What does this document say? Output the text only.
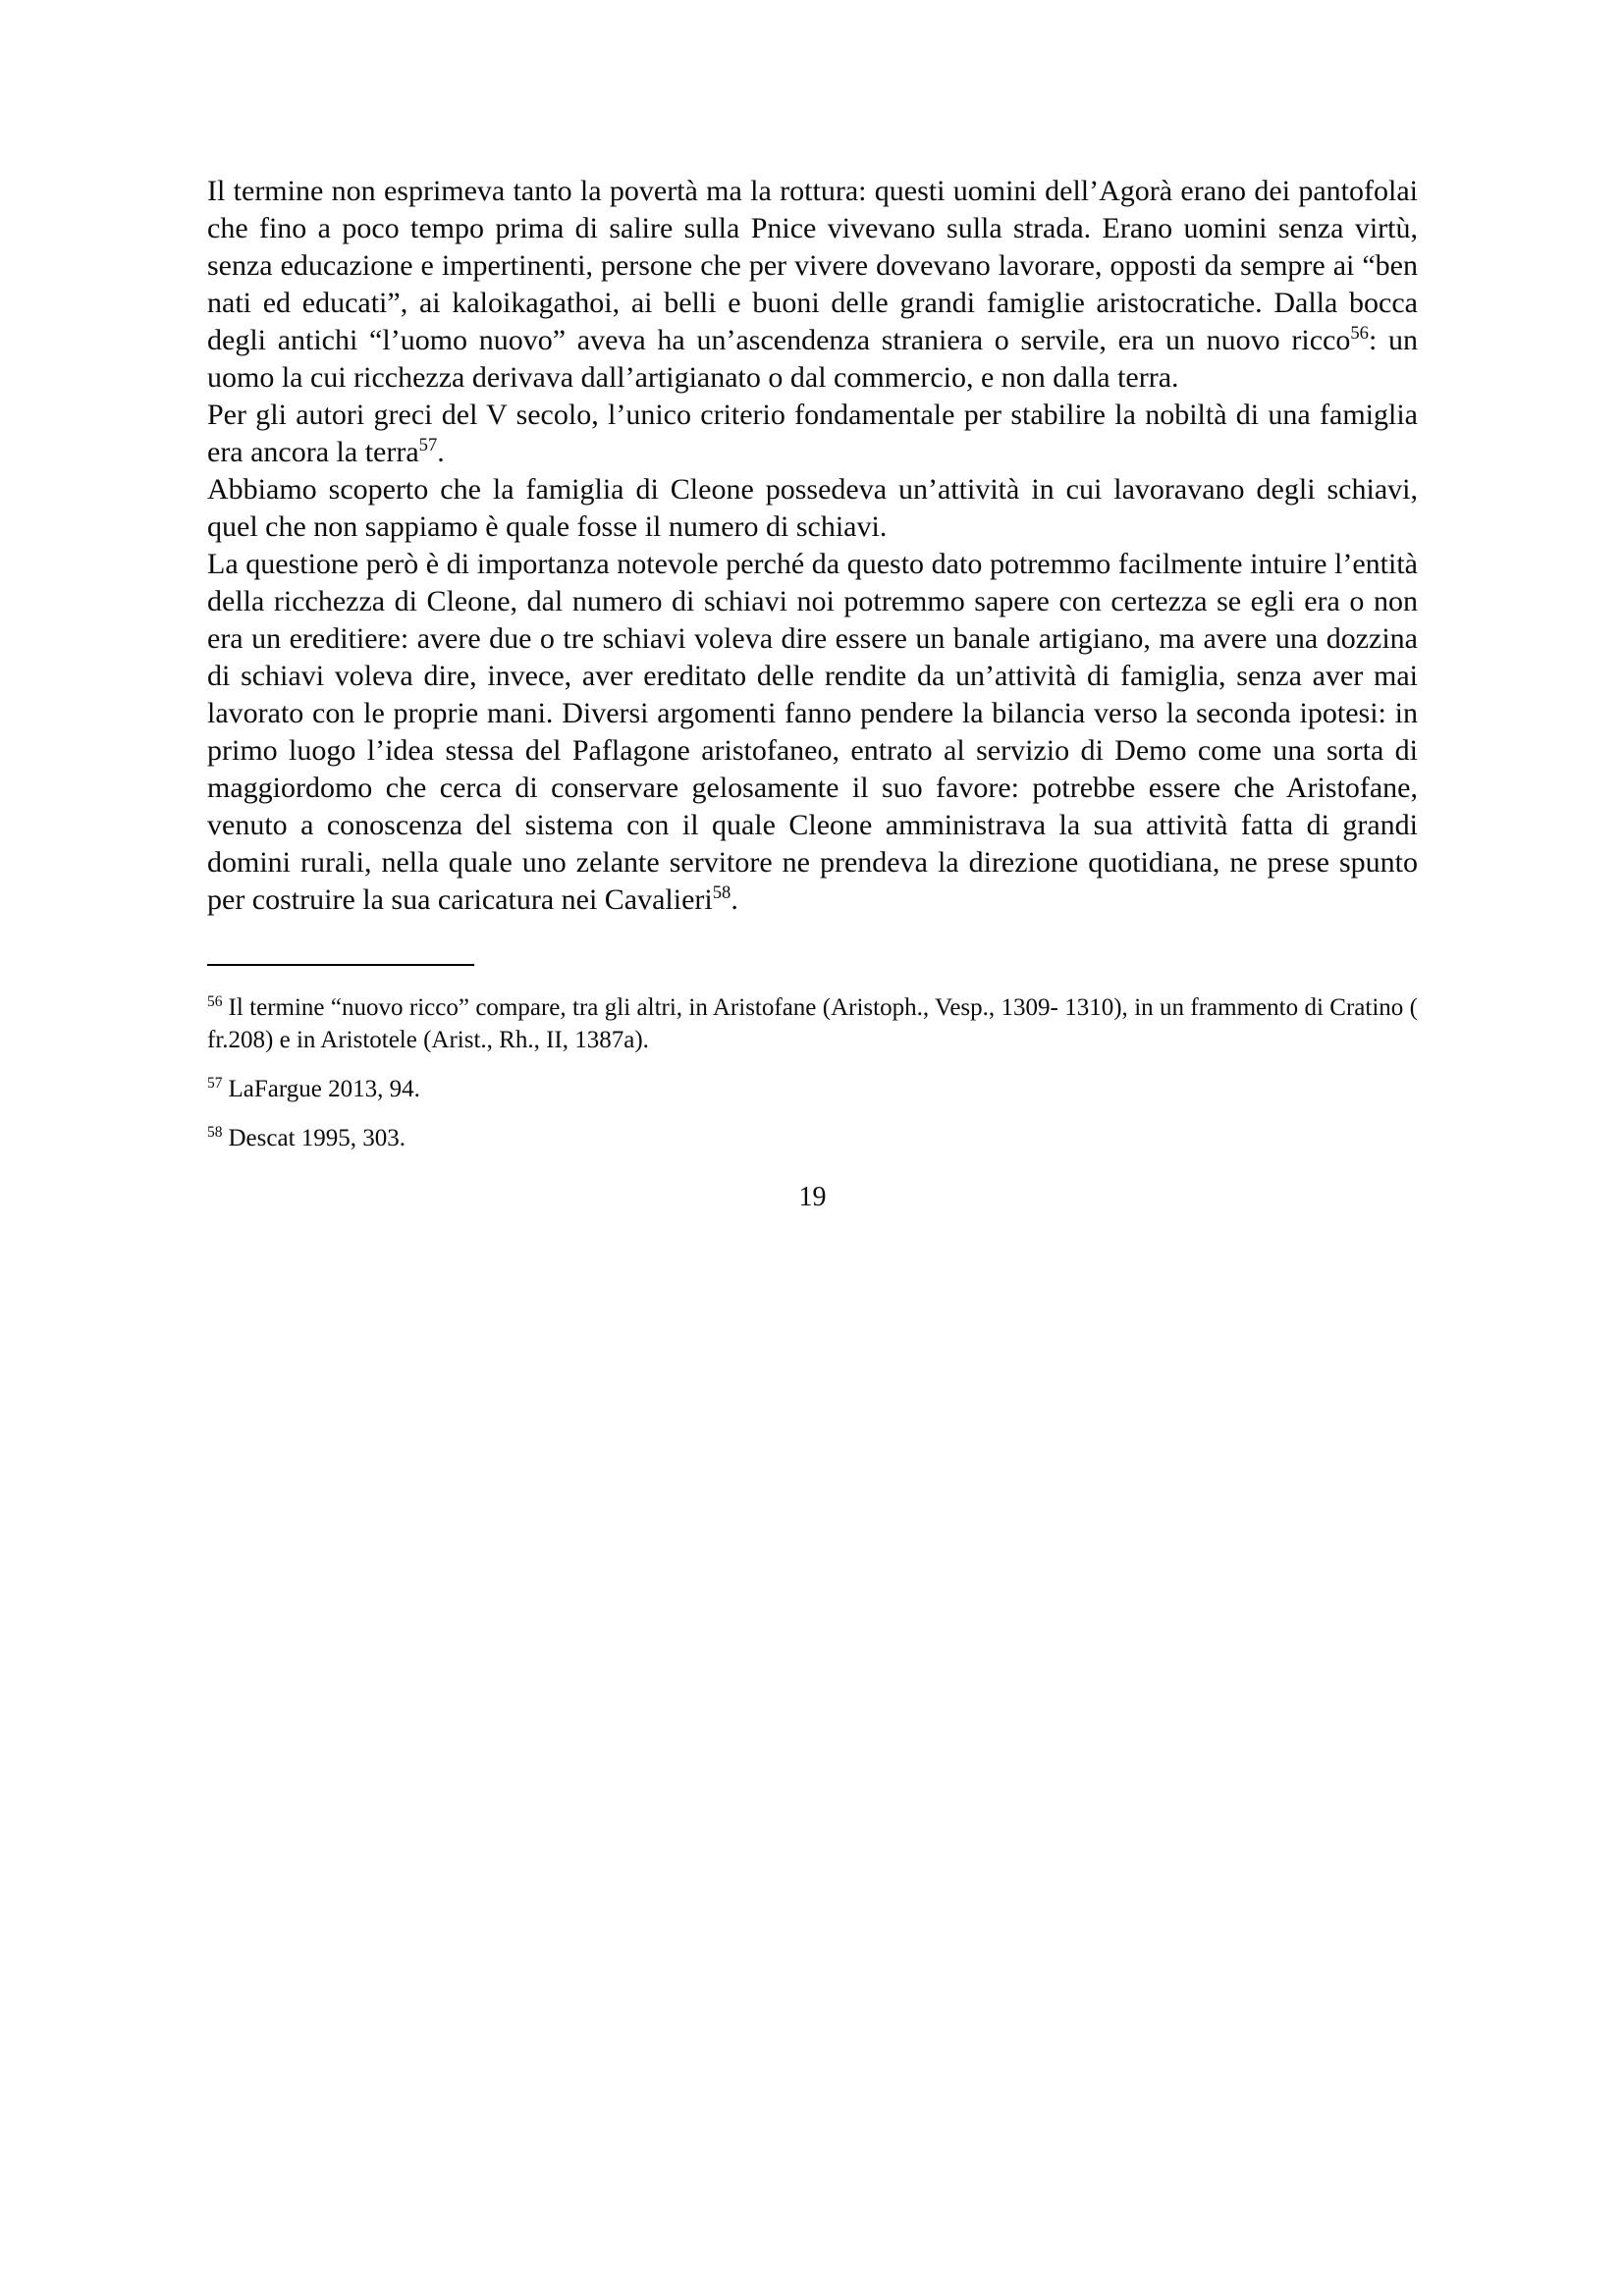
Il termine non esprimeva tanto la povertà ma la rottura: questi uomini dell’Agorà erano dei pantofolai che fino a poco tempo prima di salire sulla Pnice vivevano sulla strada. Erano uomini senza virtù, senza educazione e impertinenti, persone che per vivere dovevano lavorare, opposti da sempre ai “ben nati ed educati”, ai kaloikagathoi, ai belli e buoni delle grandi famiglie aristocratiche. Dalla bocca degli antichi “l’uomo nuovo” aveva ha un’ascendenza straniera o servile, era un nuovo ricco$^{56}$: un uomo la cui ricchezza derivava dall’artigianato o dal commercio, e non dalla terra.

Per gli autori greci del V secolo, l’unico criterio fondamentale per stabilire la nobiltà di una famiglia era ancora la terra$^{57}$.

Abbiamo scoperto che la famiglia di Cleone possedeva un’attività in cui lavoravano degli schiavi, quel che non sappiamo è quale fosse il numero di schiavi.

La questione però è di importanza notevole perché da questo dato potremmo facilmente intuire l’entità della ricchezza di Cleone, dal numero di schiavi noi potremmo sapere con certezza se egli era o non era un ereditiere: avere due o tre schiavi voleva dire essere un banale artigiano, ma avere una dozzina di schiavi voleva dire, invece, aver ereditato delle rendite da un’attività di famiglia, senza aver mai lavorato con le proprie mani. Diversi argomenti fanno pendere la bilancia verso la seconda ipotesi: in primo luogo l’idea stessa del Paflagone aristofaneo, entrato al servizio di Demo come una sorta di maggiordomo che cerca di conservare gelosamente il suo favore: potrebbe essere che Aristofane, venuto a conoscenza del sistema con il quale Cleone amministrava la sua attività fatta di grandi domini rurali, nella quale uno zelante servitore ne prendeva la direzione quotidiana, ne prese spunto per costruire la sua caricatura nei Cavalieri$^{58}$.

$^{56}$ Il termine “nuovo ricco” compare, tra gli altri, in Aristofane (Aristoph., Vesp., 1309- 1310), in un frammento di Cratino ( fr.208) e in Aristotele (Arist., Rh., II, 1387a).

$^{57}$ LaFargue 2013, 94.

$^{58}$ Descat 1995, 303.

19
